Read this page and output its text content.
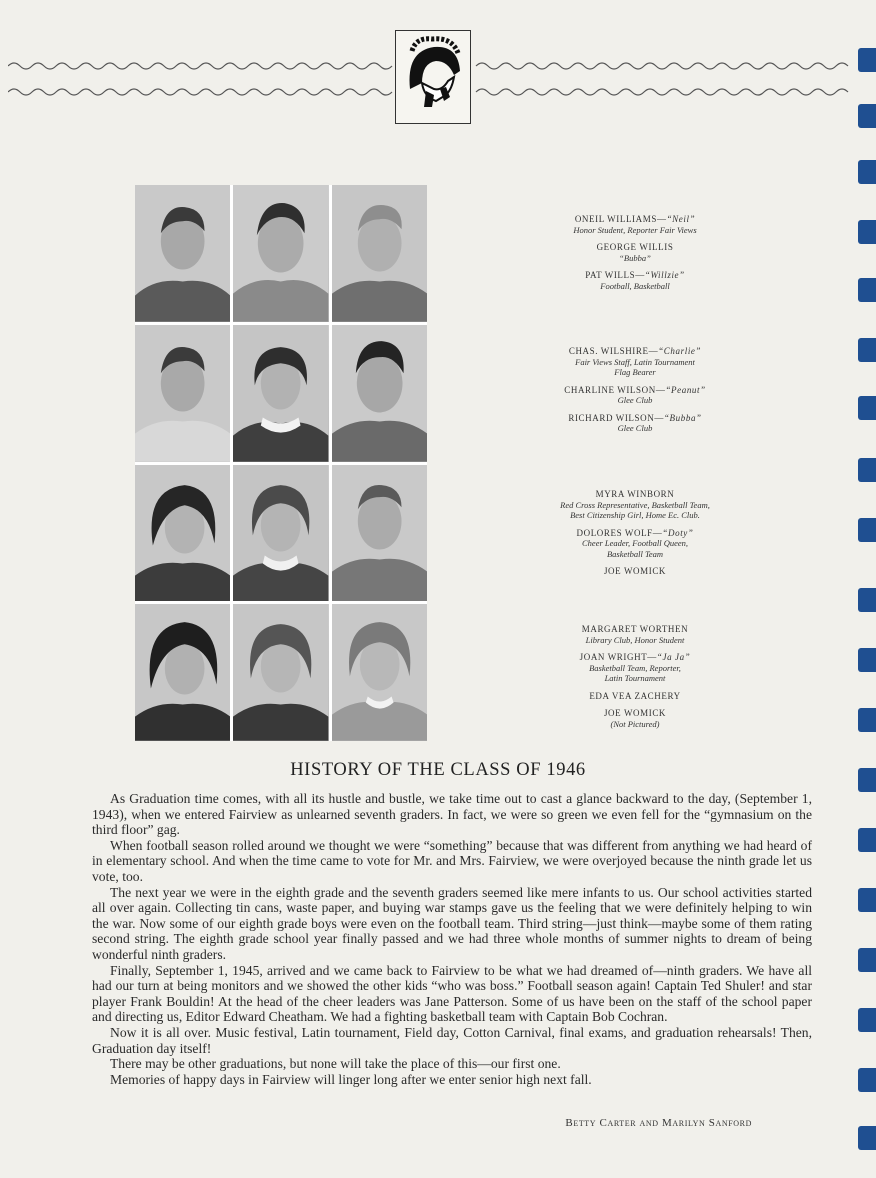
ONEIL WILLIAMS—“Neil”
Honor Student, Reporter Fair Views
GEORGE WILLIS
“Bubba”
PAT WILLS—“Willzie”
Football, Basketball
CHAS. WILSHIRE—“Charlie”
Fair Views Staff, Latin Tournament
Flag Bearer
CHARLINE WILSON—“Peanut”
Glee Club
RICHARD WILSON—“Bubba”
Glee Club
MYRA WINBORN
Red Cross Representative, Basketball Team,
Best Citizenship Girl, Home Ec. Club.
DOLORES WOLF—“Doty”
Cheer Leader, Football Queen,
Basketball Team
JOE WOMICK
MARGARET WORTHEN
Library Club, Honor Student
JOAN WRIGHT—“Ja Ja”
Basketball Team, Reporter,
Latin Tournament
EDA VEA ZACHERY
JOE WOMICK
(Not Pictured)
HISTORY OF THE CLASS OF 1946

As Graduation time comes, with all its hustle and bustle, we take time out to cast a glance backward to the day, (September 1, 1943), when we entered Fairview as unlearned seventh graders. In fact, we were so green we even fell for the “gymnasium on the third floor” gag.

When football season rolled around we thought we were “something” because that was different from anything we had heard of in elementary school. And when the time came to vote for Mr. and Mrs. Fairview, we were overjoyed because the ninth grade let us vote, too.

The next year we were in the eighth grade and the seventh graders seemed like mere infants to us. Our school activities started all over again. Collecting tin cans, waste paper, and buying war stamps gave us the feeling that we were definitely helping to win the war. Now some of our eighth grade boys were even on the football team. Third string—just think—maybe some of them rating second string. The eighth grade school year finally passed and we had three whole months of summer nights to dream of being wonderful ninth graders.

Finally, September 1, 1945, arrived and we came back to Fairview to be what we had dreamed of—ninth graders. We have all had our turn at being monitors and we showed the other kids “who was boss.” Football season again! Captain Ted Shuler! and star player Frank Bouldin! At the head of the cheer leaders was Jane Patterson. Some of us have been on the staff of the school paper and directing us, Editor Edward Cheatham. We had a fighting basketball team with Captain Bob Cochran.

Now it is all over. Music festival, Latin tournament, Field day, Cotton Carnival, final exams, and graduation rehearsals! Then, Graduation day itself!

There may be other graduations, but none will take the place of this—our first one.

Memories of happy days in Fairview will linger long after we enter senior high next fall.

Betty Carter and Marilyn Sanford
